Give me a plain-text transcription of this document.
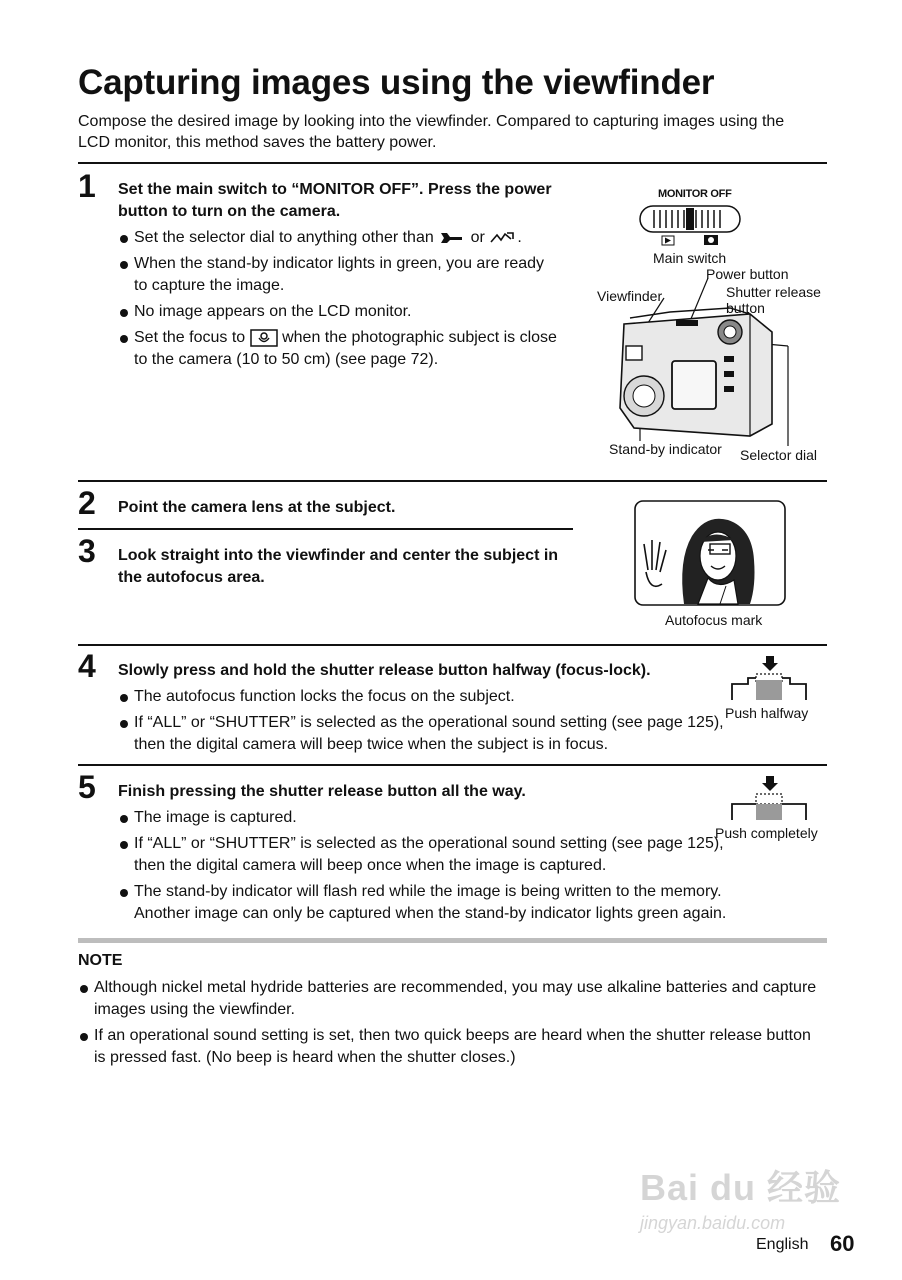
Capturing images using the viewfinder

Compose the desired image by looking into the viewfinder. Compared to capturing images using the LCD monitor, this method saves the battery power.

1 Set the main switch to “MONITOR OFF”. Press the power button to turn on the camera.

Set the selector dial to anything other than or .
When the stand-by indicator lights in green, you are ready to capture the image.
No image appears on the LCD monitor.
Set the focus to when the photographic subject is close to the camera (10 to 50 cm) (see page 72).
MONITOR OFF
Main switch
Power button
Viewfinder	Shutter release button
Stand-by indicator Selector dial
2 Point the camera lens at the subject.

3 Look straight into the viewfinder and center the subject in the autofocus area.

Autofocus mark
4 Slowly press and hold the shutter release button halfway (focus-lock).

The autofocus function locks the focus on the subject.
If “ALL” or “SHUTTER” is selected as the operational sound setting (see page 125), then the digital camera will beep twice when the subject is in focus.
Push halfway
5 Finish pressing the shutter release button all the way.

The image is captured.
If “ALL” or “SHUTTER” is selected as the operational sound setting (see page 125), then the digital camera will beep once when the image is captured.
The stand-by indicator will flash red while the image is being written to the memory. Another image can only be captured when the stand-by indicator lights green again.
Push completely

NOTE

Although nickel metal hydride batteries are recommended, you may use alkaline batteries and capture images using the viewfinder.
If an operational sound setting is set, then two quick beeps are heard when the shutter release button is pressed fast. (No beep is heard when the shutter closes.)
Bai du 经验
jingyan.baidu.com
English 60
